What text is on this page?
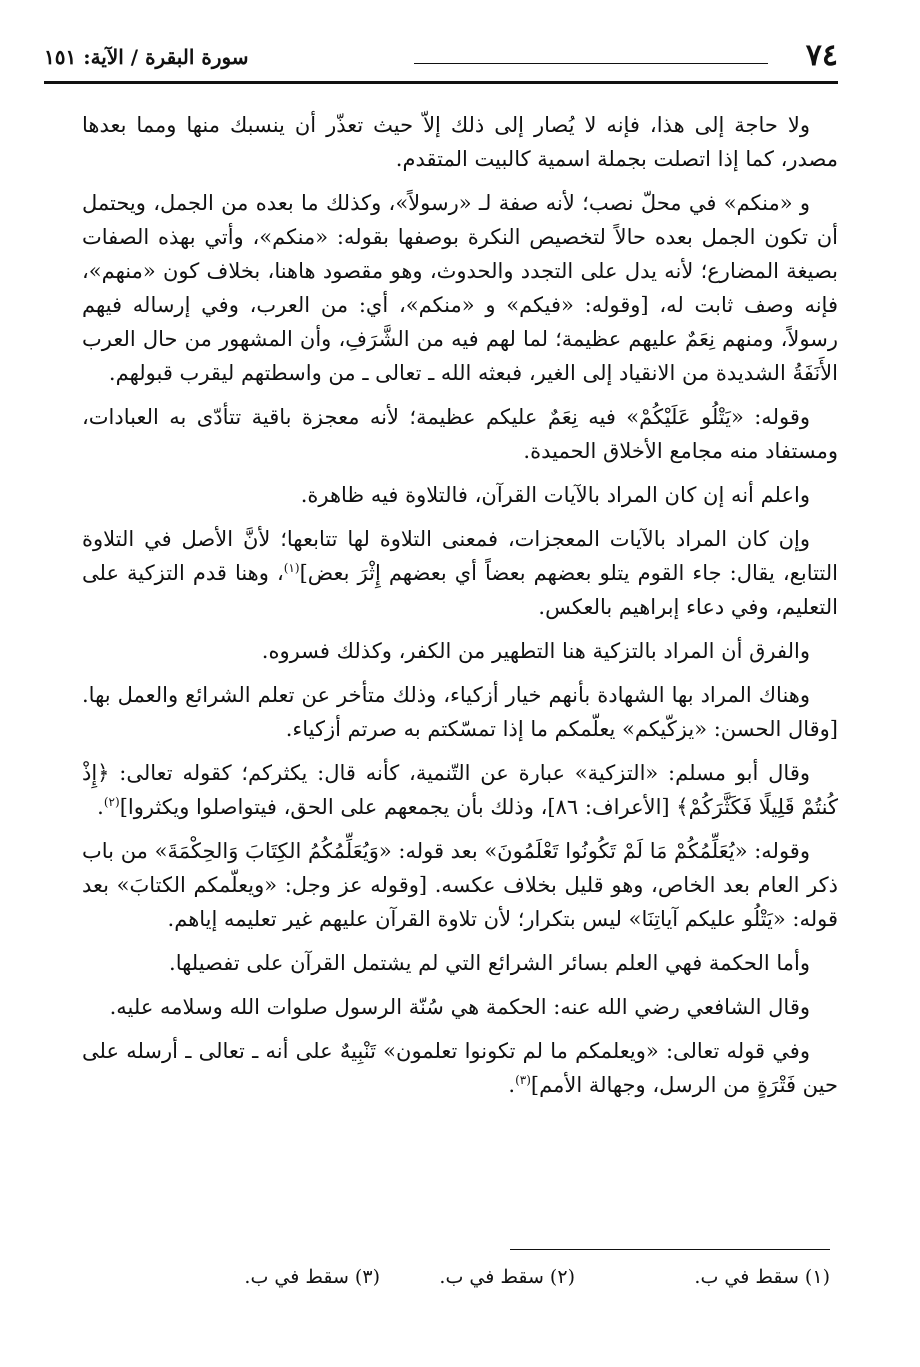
٧٤
سورة البقرة / الآية: ١٥١

ولا حاجة إلى هذا، فإنه لا يُصار إلى ذلك إلاّ حيث تعذّر أن ينسبك منها ومما بعدها مصدر، كما إذا اتصلت بجملة اسمية كالبيت المتقدم.

و «منكم» في محلّ نصب؛ لأنه صفة لـ «رسولاً»، وكذلك ما بعده من الجمل، ويحتمل أن تكون الجمل بعده حالاً لتخصيص النكرة بوصفها بقوله: «منكم»، وأتي بهذه الصفات بصيغة المضارع؛ لأنه يدل على التجدد والحدوث، وهو مقصود هاهنا، بخلاف كون «منهم»، فإنه وصف ثابت له، [وقوله: «فيكم» و «منكم»، أي: من العرب، وفي إرساله فيهم رسولاً، ومنهم نِعَمٌ عليهم عظيمة؛ لما لهم فيه من الشَّرَفِ، وأن المشهور من حال العرب الأَنَفَةُ الشديدة من الانقياد إلى الغير، فبعثه الله ـ تعالى ـ من واسطتهم ليقرب قبولهم.

وقوله: «يَتْلُو عَلَيْكُمْ» فيه نِعَمٌ عليكم عظيمة؛ لأنه معجزة باقية تتأدّى به العبادات، ومستفاد منه مجامع الأخلاق الحميدة.

واعلم أنه إن كان المراد بالآيات القرآن، فالتلاوة فيه ظاهرة.

وإن كان المراد بالآيات المعجزات، فمعنى التلاوة لها تتابعها؛ لأنَّ الأصل في التلاوة التتابع، يقال: جاء القوم يتلو بعضهم بعضاً أي بعضهم إِثْرَ بعض]$^{(١)}$، وهنا قدم التزكية على التعليم، وفي دعاء إبراهيم بالعكس.

والفرق أن المراد بالتزكية هنا التطهير من الكفر، وكذلك فسروه.

وهناك المراد بها الشهادة بأنهم خيار أزكياء، وذلك متأخر عن تعلم الشرائع والعمل بها. [وقال الحسن: «يزكّيكم» يعلّمكم ما إذا تمسّكتم به صرتم أزكياء.

وقال أبو مسلم: «التزكية» عبارة عن التّنمية، كأنه قال: يكثركم؛ كقوله تعالى: ﴿إِذْ كُنتُمْ قَلِيلًا فَكَثَّرَكُمْ﴾ [الأعراف: ٨٦]، وذلك بأن يجمعهم على الحق، فيتواصلوا ويكثروا]$^{(٢)}$.

وقوله: «يُعَلِّمُكُمْ مَا لَمْ تَكُونُوا تَعْلَمُونَ» بعد قوله: «وَيُعَلِّمُكُمُ الكِتَابَ وَالحِكْمَةَ» من باب ذكر العام بعد الخاص، وهو قليل بخلاف عكسه. [وقوله عز وجل: «ويعلّمكم الكتابَ» بعد قوله: «يَتْلُو عليكم آياتِنَا» ليس بتكرار؛ لأن تلاوة القرآن عليهم غير تعليمه إياهم.

وأما الحكمة فهي العلم بسائر الشرائع التي لم يشتمل القرآن على تفصيلها.

وقال الشافعي رضي الله عنه: الحكمة هي سُنّة الرسول صلوات الله وسلامه عليه.

وفي قوله تعالى: «ويعلمكم ما لم تكونوا تعلمون» تَنْبِيهٌ على أنه ـ تعالى ـ أرسله على حين فَتْرَةٍ من الرسل، وجهالة الأمم]$^{(٣)}$.

(١) سقط في ب.
(٢) سقط في ب.
(٣) سقط في ب.
